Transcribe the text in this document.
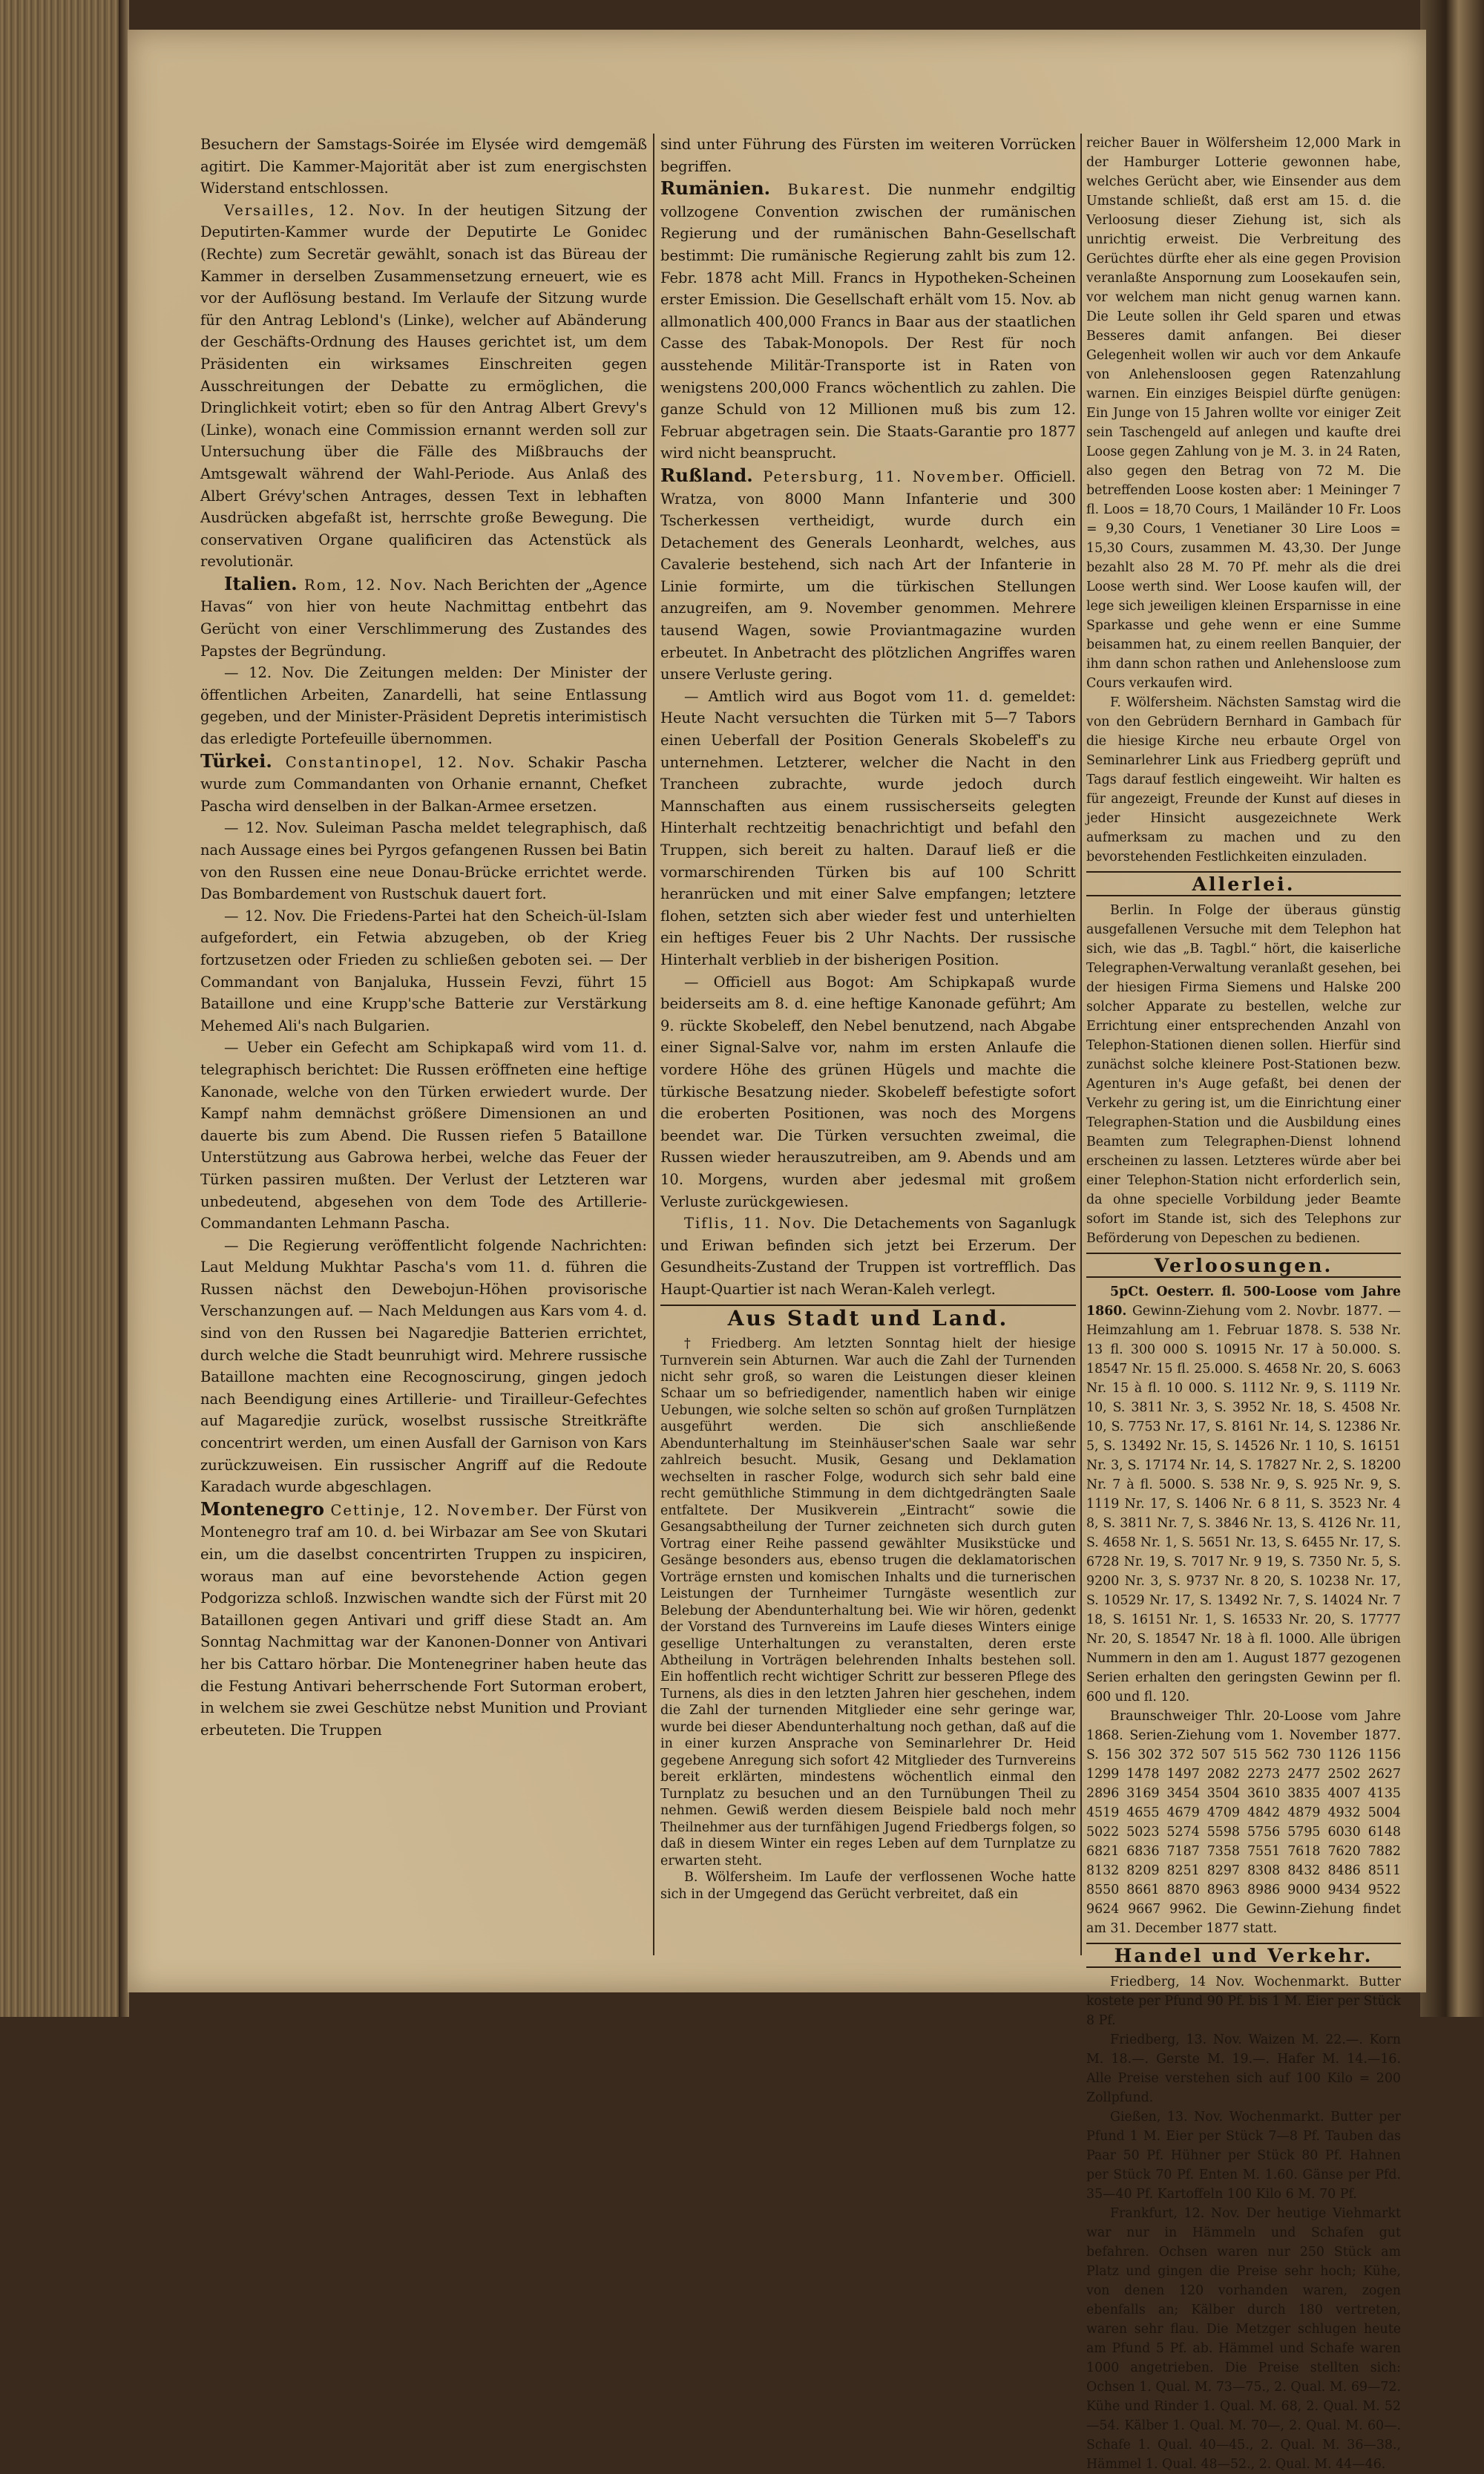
Besuchern der Samstags-Soirée im Elysée wird demgemäß agitirt. Die Kammer-Majorität aber ist zum energischsten Widerstand entschlossen.

Versailles, 12. Nov. In der heutigen Sitzung der Deputirten-Kammer wurde der Deputirte Le Gonidec (Rechte) zum Secretär gewählt, sonach ist das Büreau der Kammer in derselben Zusammensetzung erneuert, wie es vor der Auflösung bestand. Im Verlaufe der Sitzung wurde für den Antrag Leblond's (Linke), welcher auf Abänderung der Geschäfts-Ordnung des Hauses gerichtet ist, um dem Präsidenten ein wirksames Einschreiten gegen Ausschreitungen der Debatte zu ermöglichen, die Dringlichkeit votirt; eben so für den Antrag Albert Grevy's (Linke), wonach eine Commission ernannt werden soll zur Untersuchung über die Fälle des Mißbrauchs der Amtsgewalt während der Wahl-Periode. Aus Anlaß des Albert Grévy'schen Antrages, dessen Text in lebhaften Ausdrücken abgefaßt ist, herrschte große Bewegung. Die conservativen Organe qualificiren das Actenstück als revolutionär.

Italien. Rom, 12. Nov. Nach Berichten der „Agence Havas“ von hier von heute Nachmittag entbehrt das Gerücht von einer Verschlimmerung des Zustandes des Papstes der Begründung.

— 12. Nov. Die Zeitungen melden: Der Minister der öffentlichen Arbeiten, Zanardelli, hat seine Entlassung gegeben, und der Minister-Präsident Depretis interimistisch das erledigte Portefeuille übernommen.

Türkei. Constantinopel, 12. Nov. Schakir Pascha wurde zum Commandanten von Orhanie ernannt, Chefket Pascha wird denselben in der Balkan-Armee ersetzen.

— 12. Nov. Suleiman Pascha meldet telegraphisch, daß nach Aussage eines bei Pyrgos gefangenen Russen bei Batin von den Russen eine neue Donau-Brücke errichtet werde. Das Bombardement von Rustschuk dauert fort.

— 12. Nov. Die Friedens-Partei hat den Scheich-ül-Islam aufgefordert, ein Fetwia abzugeben, ob der Krieg fortzusetzen oder Frieden zu schließen geboten sei. — Der Commandant von Banjaluka, Hussein Fevzi, führt 15 Bataillone und eine Krupp'sche Batterie zur Verstärkung Mehemed Ali's nach Bulgarien.

— Ueber ein Gefecht am Schipkapaß wird vom 11. d. telegraphisch berichtet: Die Russen eröffneten eine heftige Kanonade, welche von den Türken erwiedert wurde. Der Kampf nahm demnächst größere Dimensionen an und dauerte bis zum Abend. Die Russen riefen 5 Bataillone Unterstützung aus Gabrowa herbei, welche das Feuer der Türken passiren mußten. Der Verlust der Letzteren war unbedeutend, abgesehen von dem Tode des Artillerie-Commandanten Lehmann Pascha.

— Die Regierung veröffentlicht folgende Nachrichten: Laut Meldung Mukhtar Pascha's vom 11. d. führen die Russen nächst den Dewebojun-Höhen provisorische Verschanzungen auf. — Nach Meldungen aus Kars vom 4. d. sind von den Russen bei Nagaredjie Batterien errichtet, durch welche die Stadt beunruhigt wird. Mehrere russische Bataillone machten eine Recognoscirung, gingen jedoch nach Beendigung eines Artillerie- und Tirailleur-Gefechtes auf Magaredjie zurück, woselbst russische Streitkräfte concentrirt werden, um einen Ausfall der Garnison von Kars zurückzuweisen. Ein russischer Angriff auf die Redoute Karadach wurde abgeschlagen.

Montenegro Cettinje, 12. November. Der Fürst von Montenegro traf am 10. d. bei Wirbazar am See von Skutari ein, um die daselbst concentrirten Truppen zu inspiciren, woraus man auf eine bevorstehende Action gegen Podgorizza schloß. Inzwischen wandte sich der Fürst mit 20 Bataillonen gegen Antivari und griff diese Stadt an. Am Sonntag Nachmittag war der Kanonen-Donner von Antivari her bis Cattaro hörbar. Die Montenegriner haben heute das die Festung Antivari beherrschende Fort Sutorman erobert, in welchem sie zwei Geschütze nebst Munition und Proviant erbeuteten. Die Truppen

sind unter Führung des Fürsten im weiteren Vorrücken begriffen.

Rumänien. Bukarest. Die nunmehr endgiltig vollzogene Convention zwischen der rumänischen Regierung und der rumänischen Bahn-Gesellschaft bestimmt: Die rumänische Regierung zahlt bis zum 12. Febr. 1878 acht Mill. Francs in Hypotheken-Scheinen erster Emission. Die Gesellschaft erhält vom 15. Nov. ab allmonatlich 400,000 Francs in Baar aus der staatlichen Casse des Tabak-Monopols. Der Rest für noch ausstehende Militär-Transporte ist in Raten von wenigstens 200,000 Francs wöchentlich zu zahlen. Die ganze Schuld von 12 Millionen muß bis zum 12. Februar abgetragen sein. Die Staats-Garantie pro 1877 wird nicht beansprucht.

Rußland. Petersburg, 11. November. Officiell. Wratza, von 8000 Mann Infanterie und 300 Tscherkessen vertheidigt, wurde durch ein Detachement des Generals Leonhardt, welches, aus Cavalerie bestehend, sich nach Art der Infanterie in Linie formirte, um die türkischen Stellungen anzugreifen, am 9. November genommen. Mehrere tausend Wagen, sowie Proviantmagazine wurden erbeutet. In Anbetracht des plötzlichen Angriffes waren unsere Verluste gering.

— Amtlich wird aus Bogot vom 11. d. gemeldet: Heute Nacht versuchten die Türken mit 5—7 Tabors einen Ueberfall der Position Generals Skobeleff's zu unternehmen. Letzterer, welcher die Nacht in den Trancheen zubrachte, wurde jedoch durch Mannschaften aus einem russischerseits gelegten Hinterhalt rechtzeitig benachrichtigt und befahl den Truppen, sich bereit zu halten. Darauf ließ er die vormarschirenden Türken bis auf 100 Schritt heranrücken und mit einer Salve empfangen; letztere flohen, setzten sich aber wieder fest und unterhielten ein heftiges Feuer bis 2 Uhr Nachts. Der russische Hinterhalt verblieb in der bisherigen Position.

— Officiell aus Bogot: Am Schipkapaß wurde beiderseits am 8. d. eine heftige Kanonade geführt; Am 9. rückte Skobeleff, den Nebel benutzend, nach Abgabe einer Signal-Salve vor, nahm im ersten Anlaufe die vordere Höhe des grünen Hügels und machte die türkische Besatzung nieder. Skobeleff befestigte sofort die eroberten Positionen, was noch des Morgens beendet war. Die Türken versuchten zweimal, die Russen wieder herauszutreiben, am 9. Abends und am 10. Morgens, wurden aber jedesmal mit großem Verluste zurückgewiesen.

Tiflis, 11. Nov. Die Detachements von Saganlugk und Eriwan befinden sich jetzt bei Erzerum. Der Gesundheits-Zustand der Truppen ist vortrefflich. Das Haupt-Quartier ist nach Weran-Kaleh verlegt.

Aus Stadt und Land.

† Friedberg. Am letzten Sonntag hielt der hiesige Turnverein sein Abturnen. War auch die Zahl der Turnenden nicht sehr groß, so waren die Leistungen dieser kleinen Schaar um so befriedigender, namentlich haben wir einige Uebungen, wie solche selten so schön auf großen Turnplätzen ausgeführt werden. Die sich anschließende Abendunterhaltung im Steinhäuser'schen Saale war sehr zahlreich besucht. Musik, Gesang und Deklamation wechselten in rascher Folge, wodurch sich sehr bald eine recht gemüthliche Stimmung in dem dichtgedrängten Saale entfaltete. Der Musikverein „Eintracht“ sowie die Gesangsabtheilung der Turner zeichneten sich durch guten Vortrag einer Reihe passend gewählter Musikstücke und Gesänge besonders aus, ebenso trugen die deklamatorischen Vorträge ernsten und komischen Inhalts und die turnerischen Leistungen der Turnheimer Turngäste wesentlich zur Belebung der Abendunterhaltung bei. Wie wir hören, gedenkt der Vorstand des Turnvereins im Laufe dieses Winters einige gesellige Unterhaltungen zu veranstalten, deren erste Abtheilung in Vorträgen belehrenden Inhalts bestehen soll. Ein hoffentlich recht wichtiger Schritt zur besseren Pflege des Turnens, als dies in den letzten Jahren hier geschehen, indem die Zahl der turnenden Mitglieder eine sehr geringe war, wurde bei dieser Abendunterhaltung noch gethan, daß auf die in einer kurzen Ansprache von Seminarlehrer Dr. Heid gegebene Anregung sich sofort 42 Mitglieder des Turnvereins bereit erklärten, mindestens wöchentlich einmal den Turnplatz zu besuchen und an den Turnübungen Theil zu nehmen. Gewiß werden diesem Beispiele bald noch mehr Theilnehmer aus der turnfähigen Jugend Friedbergs folgen, so daß in diesem Winter ein reges Leben auf dem Turnplatze zu erwarten steht.

B. Wölfersheim. Im Laufe der verflossenen Woche hatte sich in der Umgegend das Gerücht verbreitet, daß ein

reicher Bauer in Wölfersheim 12,000 Mark in der Hamburger Lotterie gewonnen habe, welches Gerücht aber, wie Einsender aus dem Umstande schließt, daß erst am 15. d. die Verloosung dieser Ziehung ist, sich als unrichtig erweist. Die Verbreitung des Gerüchtes dürfte eher als eine gegen Provision veranlaßte Anspornung zum Loosekaufen sein, vor welchem man nicht genug warnen kann. Die Leute sollen ihr Geld sparen und etwas Besseres damit anfangen. Bei dieser Gelegenheit wollen wir auch vor dem Ankaufe von Anlehensloosen gegen Ratenzahlung warnen. Ein einziges Beispiel dürfte genügen: Ein Junge von 15 Jahren wollte vor einiger Zeit sein Taschengeld auf anlegen und kaufte drei Loose gegen Zahlung von je M. 3. in 24 Raten, also gegen den Betrag von 72 M. Die betreffenden Loose kosten aber: 1 Meininger 7 fl. Loos = 18,70 Cours, 1 Mailänder 10 Fr. Loos = 9,30 Cours, 1 Venetianer 30 Lire Loos = 15,30 Cours, zusammen M. 43,30. Der Junge bezahlt also 28 M. 70 Pf. mehr als die drei Loose werth sind. Wer Loose kaufen will, der lege sich jeweiligen kleinen Ersparnisse in eine Sparkasse und gehe wenn er eine Summe beisammen hat, zu einem reellen Banquier, der ihm dann schon rathen und Anlehensloose zum Cours verkaufen wird.

F. Wölfersheim. Nächsten Samstag wird die von den Gebrüdern Bernhard in Gambach für die hiesige Kirche neu erbaute Orgel von Seminarlehrer Link aus Friedberg geprüft und Tags darauf festlich eingeweiht. Wir halten es für angezeigt, Freunde der Kunst auf dieses in jeder Hinsicht ausgezeichnete Werk aufmerksam zu machen und zu den bevorstehenden Festlichkeiten einzuladen.

Allerlei.

Berlin. In Folge der überaus günstig ausgefallenen Versuche mit dem Telephon hat sich, wie das „B. Tagbl.“ hört, die kaiserliche Telegraphen-Verwaltung veranlaßt gesehen, bei der hiesigen Firma Siemens und Halske 200 solcher Apparate zu bestellen, welche zur Errichtung einer entsprechenden Anzahl von Telephon-Stationen dienen sollen. Hierfür sind zunächst solche kleinere Post-Stationen bezw. Agenturen in's Auge gefaßt, bei denen der Verkehr zu gering ist, um die Einrichtung einer Telegraphen-Station und die Ausbildung eines Beamten zum Telegraphen-Dienst lohnend erscheinen zu lassen. Letzteres würde aber bei einer Telephon-Station nicht erforderlich sein, da ohne specielle Vorbildung jeder Beamte sofort im Stande ist, sich des Telephons zur Beförderung von Depeschen zu bedienen.

Verloosungen.

5pCt. Oesterr. fl. 500-Loose vom Jahre 1860. Gewinn-Ziehung vom 2. Novbr. 1877. — Heimzahlung am 1. Februar 1878. S. 538 Nr. 13 fl. 300 000 S. 10915 Nr. 17 à 50.000. S. 18547 Nr. 15 fl. 25.000. S. 4658 Nr. 20, S. 6063 Nr. 15 à fl. 10 000. S. 1112 Nr. 9, S. 1119 Nr. 10, S. 3811 Nr. 3, S. 3952 Nr. 18, S. 4508 Nr. 10, S. 7753 Nr. 17, S. 8161 Nr. 14, S. 12386 Nr. 5, S. 13492 Nr. 15, S. 14526 Nr. 1 10, S. 16151 Nr. 3, S. 17174 Nr. 14, S. 17827 Nr. 2, S. 18200 Nr. 7 à fl. 5000. S. 538 Nr. 9, S. 925 Nr. 9, S. 1119 Nr. 17, S. 1406 Nr. 6 8 11, S. 3523 Nr. 4 8, S. 3811 Nr. 7, S. 3846 Nr. 13, S. 4126 Nr. 11, S. 4658 Nr. 1, S. 5651 Nr. 13, S. 6455 Nr. 17, S. 6728 Nr. 19, S. 7017 Nr. 9 19, S. 7350 Nr. 5, S. 9200 Nr. 3, S. 9737 Nr. 8 20, S. 10238 Nr. 17, S. 10529 Nr. 17, S. 13492 Nr. 7, S. 14024 Nr. 7 18, S. 16151 Nr. 1, S. 16533 Nr. 20, S. 17777 Nr. 20, S. 18547 Nr. 18 à fl. 1000. Alle übrigen Nummern in den am 1. August 1877 gezogenen Serien erhalten den geringsten Gewinn per fl. 600 und fl. 120.

Braunschweiger Thlr. 20-Loose vom Jahre 1868. Serien-Ziehung vom 1. November 1877. S. 156 302 372 507 515 562 730 1126 1156 1299 1478 1497 2082 2273 2477 2502 2627 2896 3169 3454 3504 3610 3835 4007 4135 4519 4655 4679 4709 4842 4879 4932 5004 5022 5023 5274 5598 5756 5795 6030 6148 6821 6836 7187 7358 7551 7618 7620 7882 8132 8209 8251 8297 8308 8432 8486 8511 8550 8661 8870 8963 8986 9000 9434 9522 9624 9667 9962. Die Gewinn-Ziehung findet am 31. December 1877 statt.

Handel und Verkehr.

Friedberg, 14 Nov. Wochenmarkt. Butter kostete per Pfund 90 Pf. bis 1 M. Eier per Stück 8 Pf.

Friedberg, 13. Nov. Waizen M. 22.—. Korn M. 18.—. Gerste M. 19.—. Hafer M. 14.—16. Alle Preise verstehen sich auf 100 Kilo = 200 Zollpfund.

Gießen, 13. Nov. Wochenmarkt. Butter per Pfund 1 M. Eier per Stück 7—8 Pf. Tauben das Paar 50 Pf. Hühner per Stück 80 Pf. Hahnen per Stück 70 Pf. Enten M. 1.60. Gänse per Pfd. 35—40 Pf. Kartoffeln 100 Kilo 6 M. 70 Pf.

Frankfurt, 12. Nov. Der heutige Viehmarkt war nur in Hämmeln und Schafen gut befahren. Ochsen waren nur 250 Stück am Platz und gingen die Preise sehr hoch; Kühe, von denen 120 vorhanden waren, zogen ebenfalls an; Kälber durch 180 vertreten, waren sehr flau. Die Metzger schlugen heute am Pfund 5 Pf. ab. Hämmel und Schafe waren 1000 angetrieben. Die Preise stellten sich: Ochsen 1. Qual. M. 73—75., 2. Qual. M. 69—72. Kühe und Rinder 1. Qual. M. 68, 2. Qual. M. 52—54. Kälber 1. Qual. M. 70—, 2. Qual. M. 60—. Schafe 1. Qual. 40—45., 2. Qual. M. 36—38., Hämmel 1. Qual. 48—52., 2. Qual. M. 44—46.
